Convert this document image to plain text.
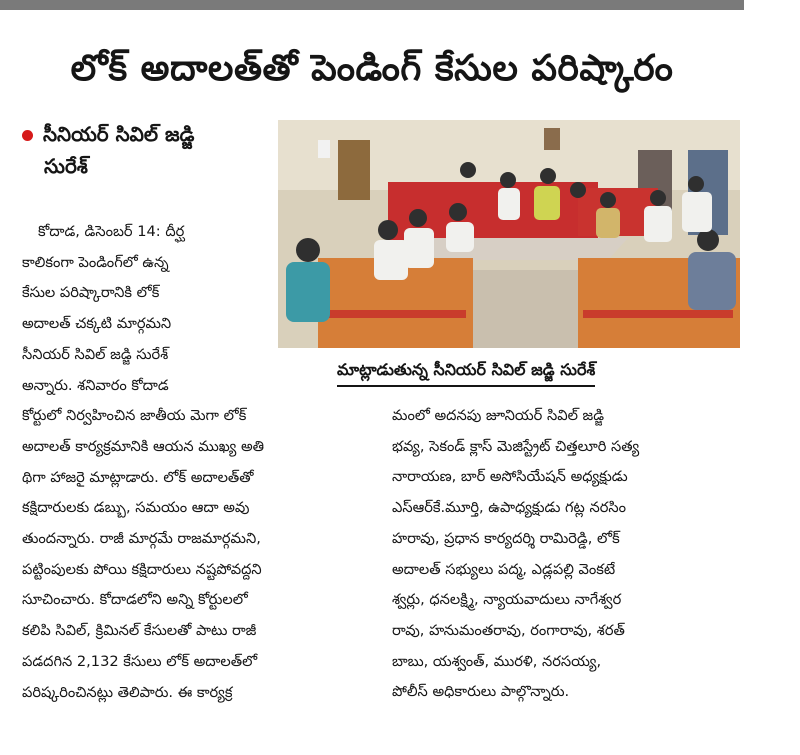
లోక్ అదాలత్‌తో పెండింగ్ కేసుల పరిష్కారం
సీనియర్ సివిల్ జడ్జి
సురేశ్
కోదాడ, డిసెంబర్ 14: దీర్ఘ
కాలికంగా పెండింగ్‌లో ఉన్న
కేసుల పరిష్కారానికి లోక్
అదాలత్ చక్కటి మార్గమని
సీనియర్ సివిల్ జడ్జి సురేశ్
అన్నారు. శనివారం కోదాడ
కోర్టులో నిర్వహించిన జాతీయ మెగా లోక్
అదాలత్ కార్యక్రమానికి ఆయన ముఖ్య అతి
థిగా హాజరై మాట్లాడారు. లోక్ అదాలత్‌తో
కక్షిదారులకు డబ్బు, సమయం ఆదా అవు
తుందన్నారు. రాజీ మార్గమే రాజమార్గమని,
పట్టింపులకు పోయి కక్షిదారులు నష్టపోవద్దని
సూచించారు. కోదాడలోని అన్ని కోర్టులలో
కలిపి సివిల్, క్రిమినల్ కేసులతో పాటు రాజీ
పడదగిన 2,132 కేసులు లోక్ అదాలత్‌లో
పరిష్కరించినట్లు తెలిపారు. ఈ కార్యక్ర
మంలో అదనపు జూనియర్ సివిల్ జడ్జి
భవ్య, సెకండ్ క్లాస్ మెజిస్ట్రేట్ చిత్తలూరి సత్య
నారాయణ, బార్ అసోసియేషన్ అధ్యక్షుడు
ఎస్ఆర్‌కే.మూర్తి, ఉపాధ్యక్షుడు గట్ల నరసిం
హరావు, ప్రధాన కార్యదర్శి రామిరెడ్డి, లోక్
అదాలత్ సభ్యులు పద్మ, ఎడ్లపల్లి వెంకటే
శ్వర్లు, ధనలక్ష్మి, న్యాయవాదులు నాగేశ్వర
రావు, హనుమంతరావు, రంగారావు, శరత్
బాబు, యశ్వంత్, మురళి, నరసయ్య,
పోలీస్ అధికారులు పాల్గొన్నారు.
మాట్లాడుతున్న సీనియర్ సివిల్ జడ్జి సురేశ్
